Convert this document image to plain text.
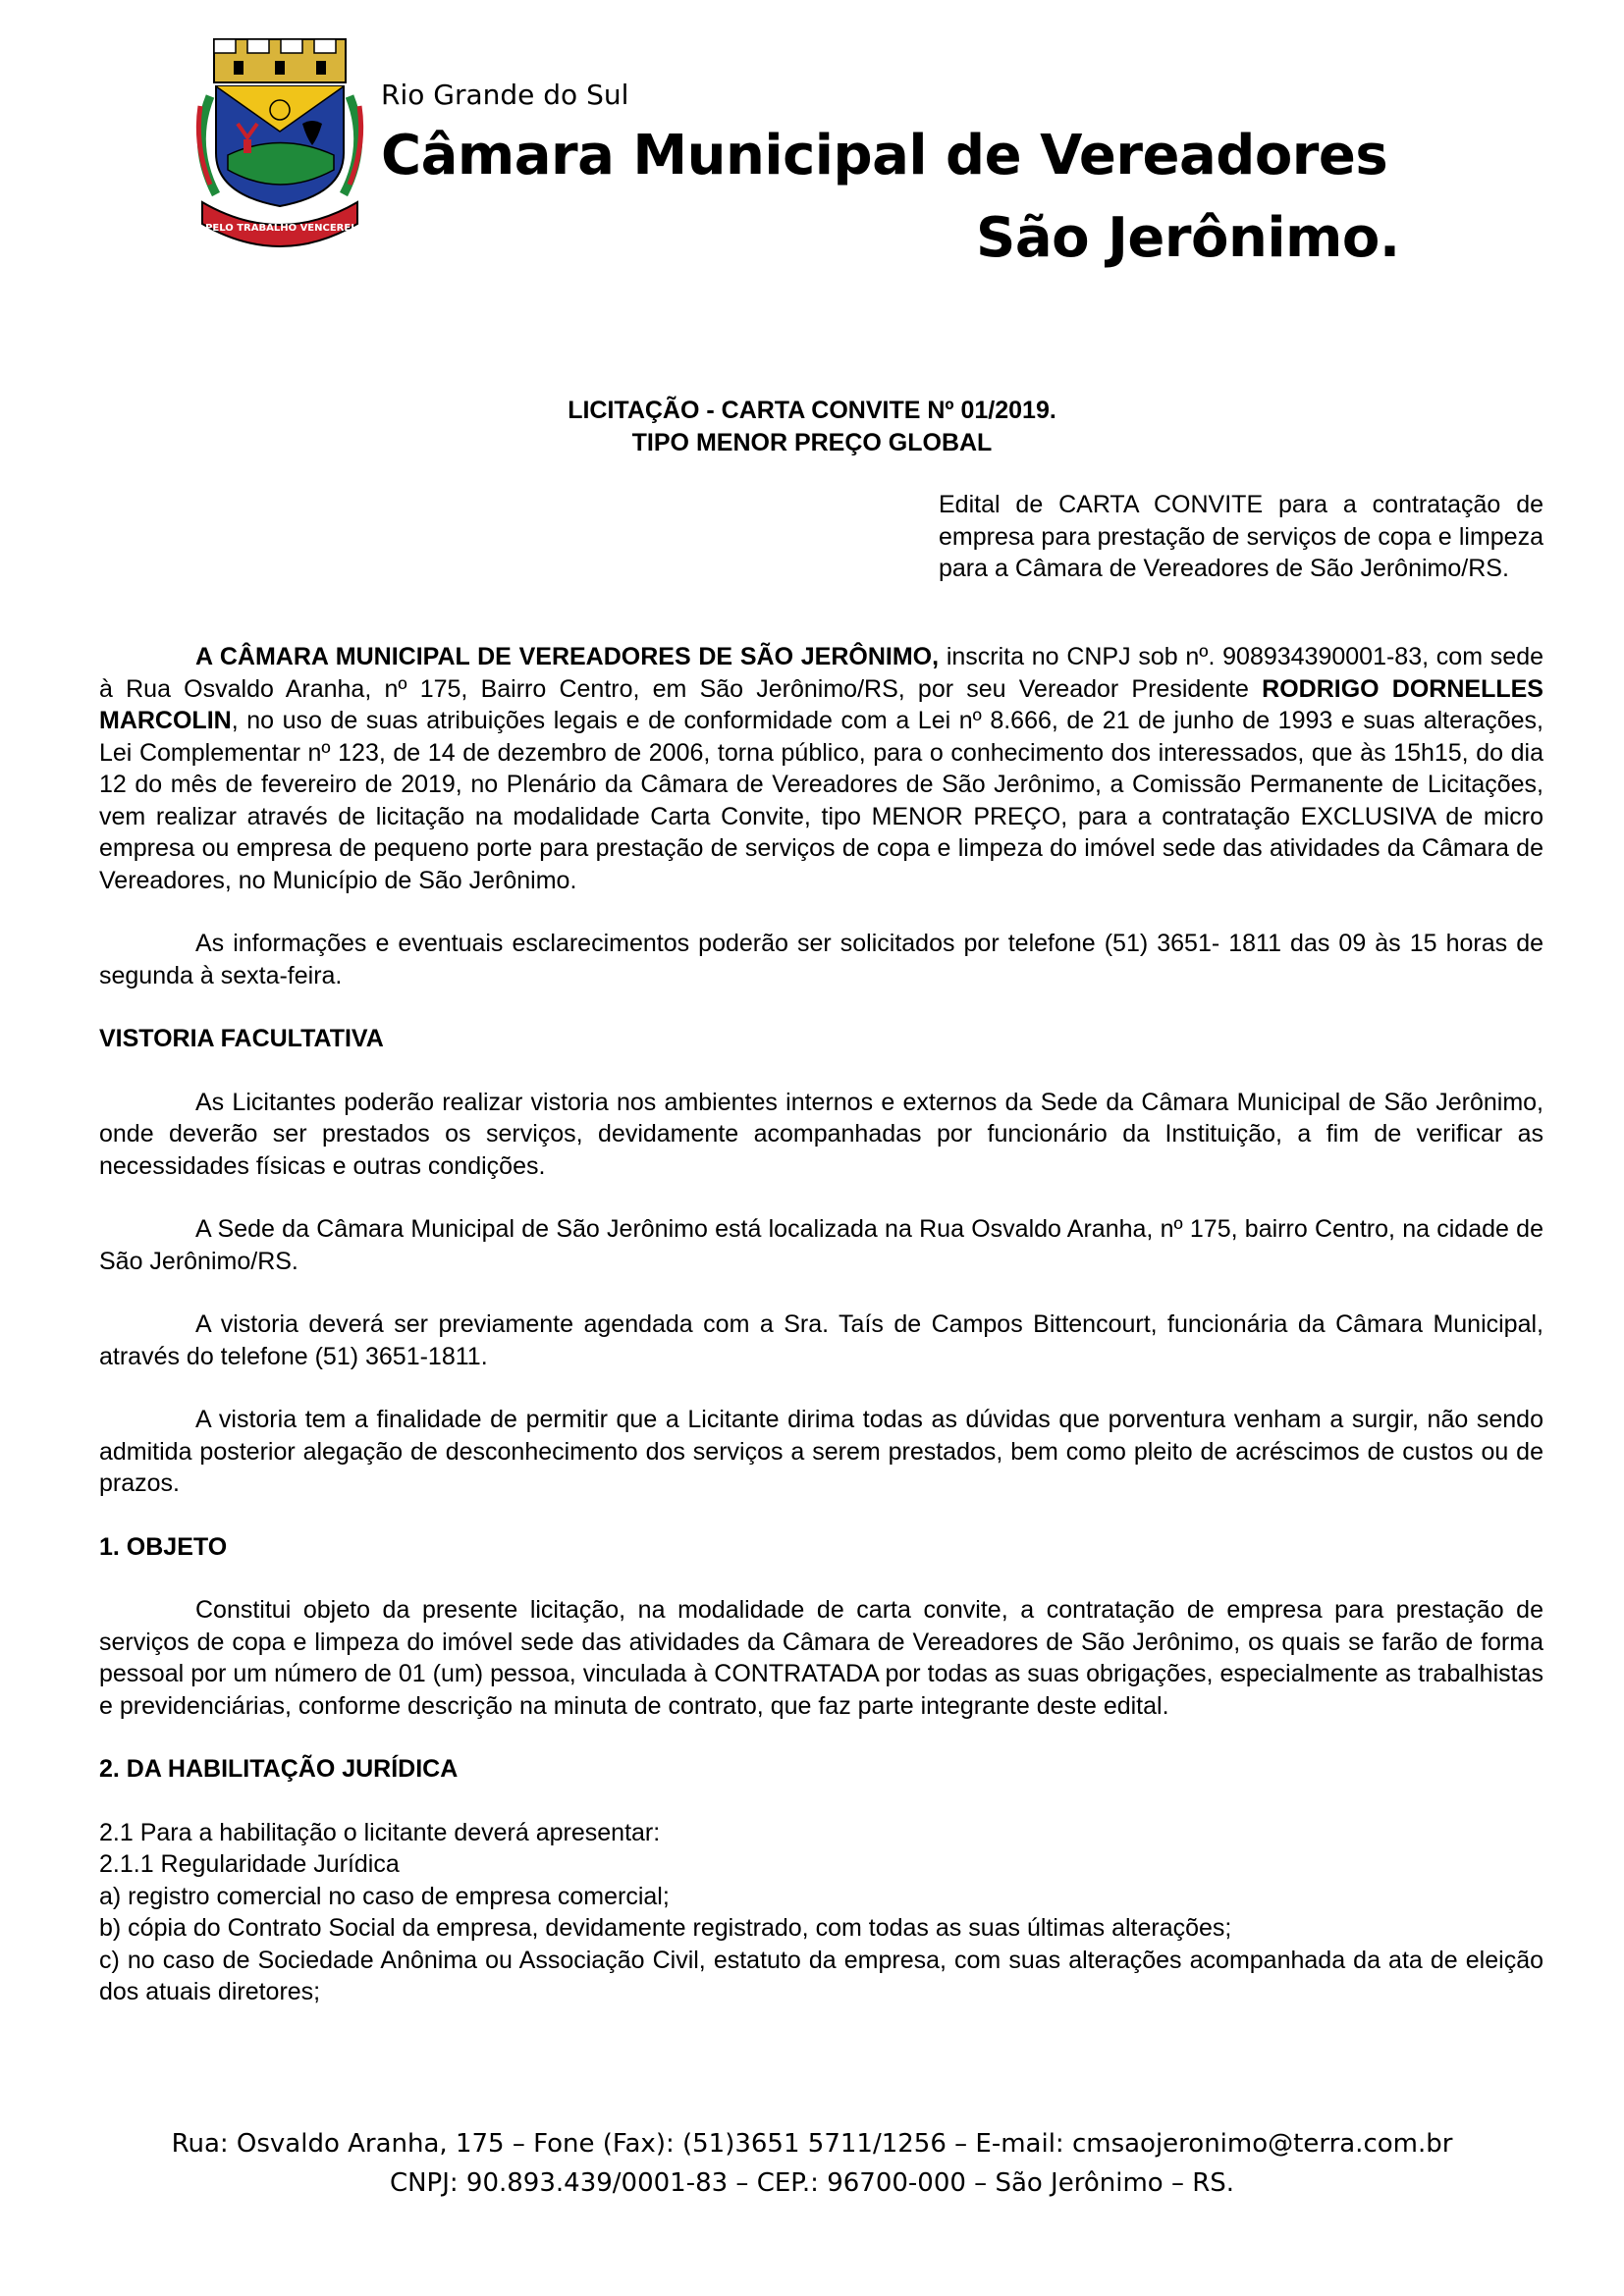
PELO TRABALHO VENCEREI
Rio Grande do Sul
Câmara Municipal de Vereadores
São Jerônimo.
LICITAÇÃO - CARTA CONVITE Nº 01/2019.
TIPO MENOR PREÇO GLOBAL
Edital de CARTA CONVITE para a contratação de empresa para prestação de serviços de copa e limpeza para a Câmara de Vereadores de São Jerônimo/RS.

A CÂMARA MUNICIPAL DE VEREADORES DE SÃO JERÔNIMO, inscrita no CNPJ sob nº. 908934390001-83, com sede à Rua Osvaldo Aranha, nº 175, Bairro Centro, em São Jerônimo/RS, por seu Vereador Presidente RODRIGO DORNELLES MARCOLIN, no uso de suas atribuições legais e de conformidade com a Lei nº 8.666, de 21 de junho de 1993 e suas alterações, Lei Complementar nº 123, de 14 de dezembro de 2006, torna público, para o conhecimento dos interessados, que às 15h15, do dia 12 do mês de fevereiro de 2019, no Plenário da Câmara de Vereadores de São Jerônimo, a Comissão Permanente de Licitações, vem realizar através de licitação na modalidade Carta Convite, tipo MENOR PREÇO, para a contratação EXCLUSIVA de micro empresa ou empresa de pequeno porte para prestação de serviços de copa e limpeza do imóvel sede das atividades da Câmara de Vereadores, no Município de São Jerônimo.

As informações e eventuais esclarecimentos poderão ser solicitados por telefone (51) 3651- 1811 das 09 às 15 horas de segunda à sexta-feira.

VISTORIA FACULTATIVA

As Licitantes poderão realizar vistoria nos ambientes internos e externos da Sede da Câmara Municipal de São Jerônimo, onde deverão ser prestados os serviços, devidamente acompanhadas por funcionário da Instituição, a fim de verificar as necessidades físicas e outras condições.

A Sede da Câmara Municipal de São Jerônimo está localizada na Rua Osvaldo Aranha, nº 175, bairro Centro, na cidade de São Jerônimo/RS.

A vistoria deverá ser previamente agendada com a Sra. Taís de Campos Bittencourt, funcionária da Câmara Municipal, através do telefone (51) 3651-1811.

A vistoria tem a finalidade de permitir que a Licitante dirima todas as dúvidas que porventura venham a surgir, não sendo admitida posterior alegação de desconhecimento dos serviços a serem prestados, bem como pleito de acréscimos de custos ou de prazos.

1. OBJETO

Constitui objeto da presente licitação, na modalidade de carta convite, a contratação de empresa para prestação de serviços de copa e limpeza do imóvel sede das atividades da Câmara de Vereadores de São Jerônimo, os quais se farão de forma pessoal por um número de 01 (um) pessoa, vinculada à CONTRATADA por todas as suas obrigações, especialmente as trabalhistas e previdenciárias, conforme descrição na minuta de contrato, que faz parte integrante deste edital.

2. DA HABILITAÇÃO JURÍDICA
2.1 Para a habilitação o licitante deverá apresentar:
2.1.1 Regularidade Jurídica
a) registro comercial no caso de empresa comercial;
b) cópia do Contrato Social da empresa, devidamente registrado, com todas as suas últimas alterações;
c) no caso de Sociedade Anônima ou Associação Civil, estatuto da empresa, com suas alterações acompanhada da ata de eleição dos atuais diretores;
Rua: Osvaldo Aranha, 175 – Fone (Fax): (51)3651 5711/1256 – E-mail: cmsaojeronimo@terra.com.br
CNPJ: 90.893.439/0001-83 – CEP.: 96700-000 – São Jerônimo – RS.
